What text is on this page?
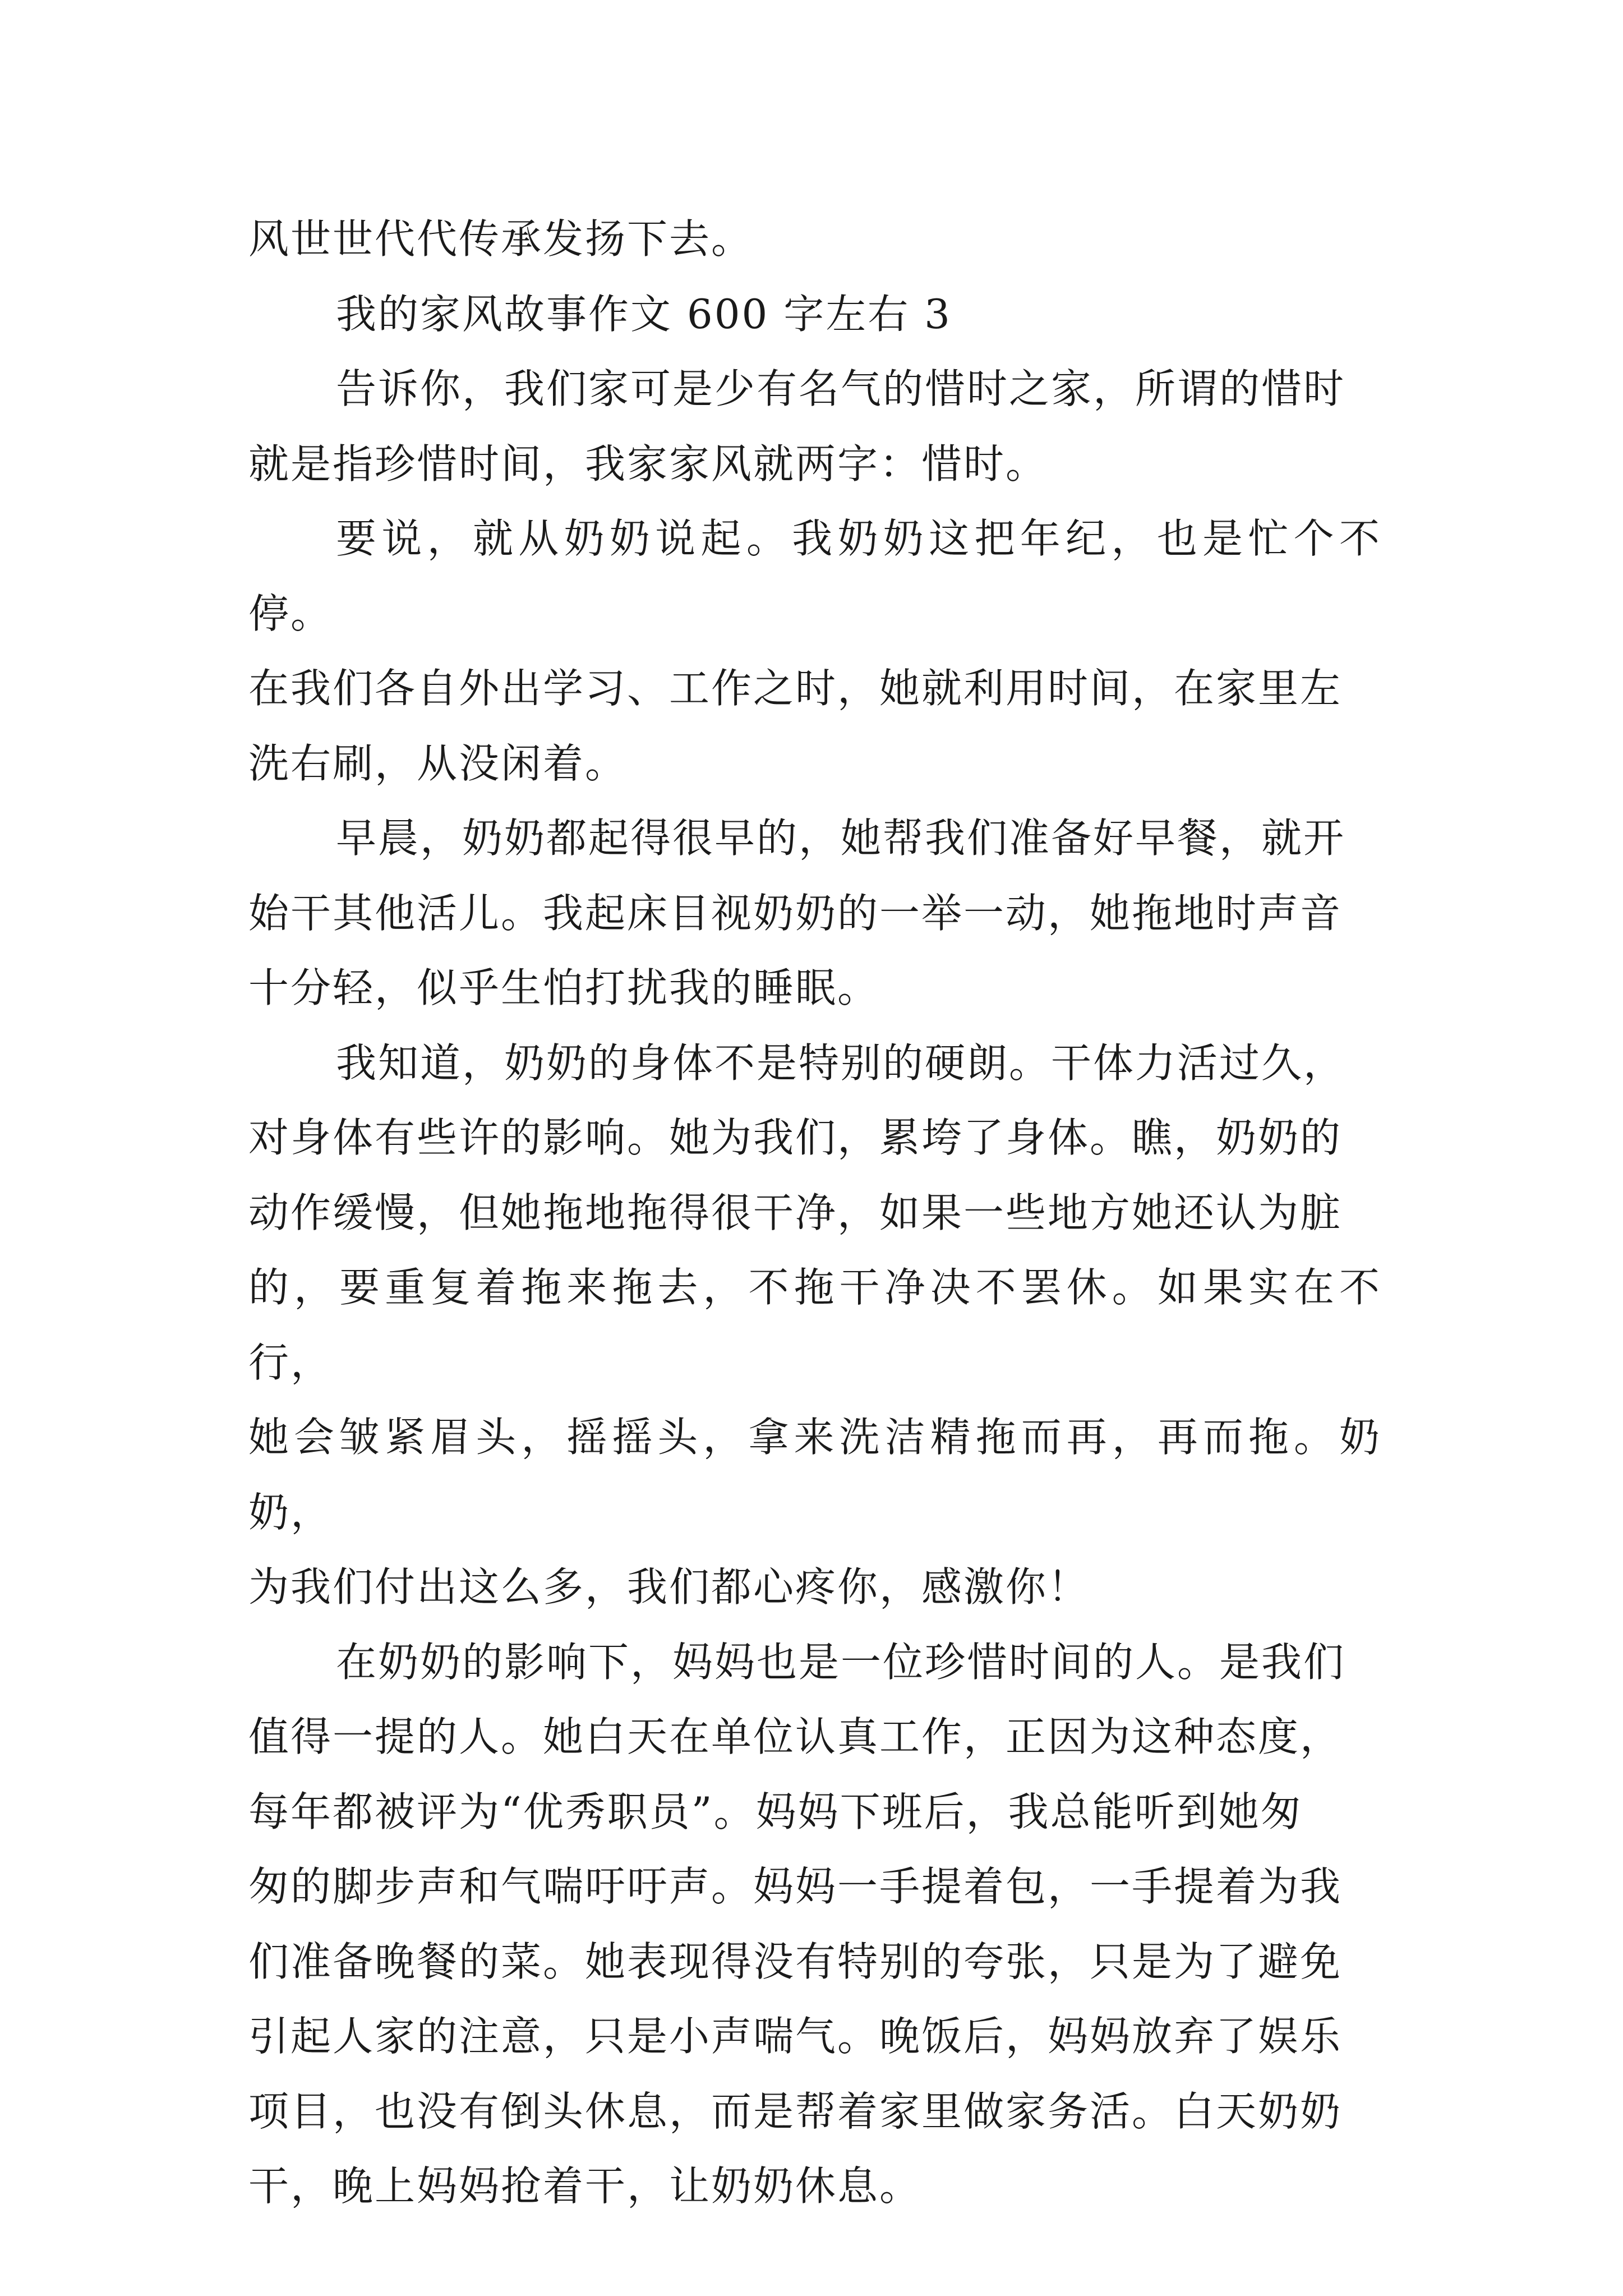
风世世代代传承发扬下去。
我的家风故事作文 600 字左右 3
告诉你，我们家可是少有名气的惜时之家，所谓的惜时
就是指珍惜时间，我家家风就两字：惜时。
要说，就从奶奶说起。我奶奶这把年纪，也是忙个不停。
在我们各自外出学习、工作之时，她就利用时间，在家里左
洗右刷，从没闲着。
早晨，奶奶都起得很早的，她帮我们准备好早餐，就开
始干其他活儿。我起床目视奶奶的一举一动，她拖地时声音
十分轻，似乎生怕打扰我的睡眠。
我知道，奶奶的身体不是特别的硬朗。干体力活过久，
对身体有些许的影响。她为我们，累垮了身体。瞧，奶奶的
动作缓慢，但她拖地拖得很干净，如果一些地方她还认为脏
的，要重复着拖来拖去，不拖干净决不罢休。如果实在不行，
她会皱紧眉头，摇摇头，拿来洗洁精拖而再，再而拖。奶奶，
为我们付出这么多，我们都心疼你，感激你！
在奶奶的影响下，妈妈也是一位珍惜时间的人。是我们
值得一提的人。她白天在单位认真工作，正因为这种态度，
每年都被评为“优秀职员”。妈妈下班后，我总能听到她匆
匆的脚步声和气喘吁吁声。妈妈一手提着包，一手提着为我
们准备晚餐的菜。她表现得没有特别的夸张，只是为了避免
引起人家的注意，只是小声喘气。晚饭后，妈妈放弃了娱乐
项目，也没有倒头休息，而是帮着家里做家务活。白天奶奶
干，晚上妈妈抢着干，让奶奶休息。
